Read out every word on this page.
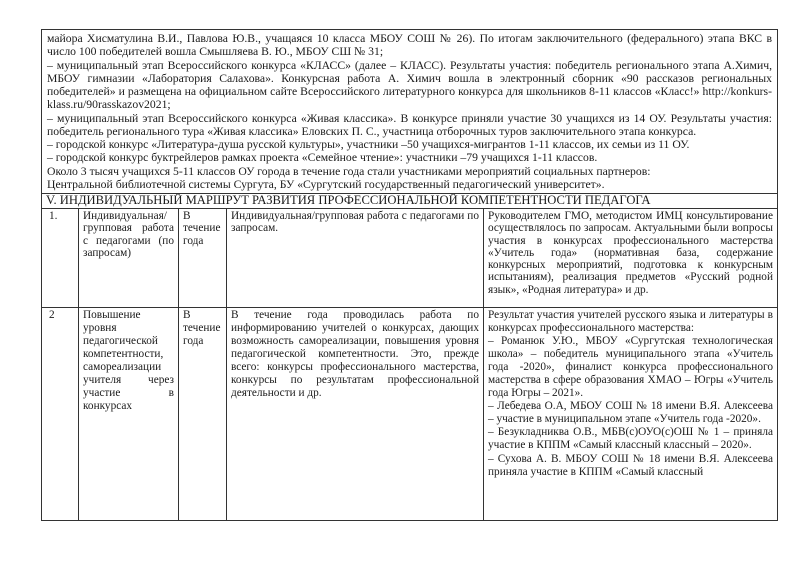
майора Хисматулина В.И., Павлова Ю.В., учащаяся 10 класса МБОУ СОШ № 26). По итогам заключительного (федерального) этапа ВКС в число 100 победителей вошла Смышляева В. Ю., МБОУ СШ № 31;

– муниципальный этап Всероссийского конкурса «КЛАСС» (далее – КЛАСС). Результаты участия: победитель регионального этапа А.Химич, МБОУ гимназии «Лаборатория Салахова». Конкурсная работа А. Химич вошла в электронный сборник «90 рассказов региональных победителей» и размещена на официальном сайте Всероссийского литературного конкурса для школьников 8-11 классов «Класс!» http://konkurs-klass.ru/90rasskazov2021;

– муниципальный этап Всероссийского конкурса «Живая классика». В конкурсе приняли участие 30 учащихся из 14 ОУ. Результаты участия: победитель регионального тура «Живая классика» Еловских П. С., участница отборочных туров заключительного этапа конкурса.

– городской конкурс «Литература-душа русской культуры», участники –50 учащихся-мигрантов 1-11 классов, их семьи из 11 ОУ.

– городской конкурс буктрейлеров рамках проекта «Семейное чтение»: участники –79 учащихся 1-11 классов.

Около 3 тысяч учащихся 5-11 классов ОУ города в течение года стали участниками мероприятий социальных партнеров:

Центральной библиотечной системы Сургута, БУ «Сургутский государственный педагогический университет».

V. ИНДИВИДУАЛЬНЫЙ МАРШРУТ РАЗВИТИЯ ПРОФЕССИОНАЛЬНОЙ КОМПЕТЕНТНОСТИ ПЕДАГОГА
1.	Индивидуальная/групповая работа с педагогами (по запросам)
В течение года
Индивидуальная/групповая работа с педагогами по запросам.

Руководителем ГМО, методистом ИМЦ консультирование осуществлялось по запросам. Актуальными были вопросы участия в конкурсах профессионального мастерства «Учитель года» (нормативная база, содержание конкурсных мероприятий, подготовка к конкурсным испытаниям), реализация предметов «Русский родной язык», «Родная литература» и др.

2	Повышение уровня педагогической компетентности, самореализации учителя через участие в конкурсах
В течение года
В течение года проводилась работа по информированию учителей о конкурсах, дающих возможность самореализации, повышения уровня педагогической компетентности. Это, прежде всего: конкурсы профессионального мастерства, конкурсы по результатам профессиональной деятельности и др.

Результат участия учителей русского языка и литературы в конкурсах профессионального мастерства:

– Романюк У.Ю., МБОУ «Сургутская технологическая школа» – победитель муниципального этапа «Учитель года -2020», финалист конкурса профессионального мастерства в сфере образования ХМАО – Югры «Учитель года Югры – 2021».

– Лебедева О.А, МБОУ СОШ № 18 имени В.Я. Алексеева – участие в муниципальном этапе «Учитель года -2020».

– Безукладниква О.В., МБВ(с)ОУО(с)ОШ № 1 – приняла участие в КППМ «Самый классный классный – 2020».

– Сухова А. В. МБОУ СОШ № 18 имени В.Я. Алексеева приняла участие в КППМ «Самый классный
